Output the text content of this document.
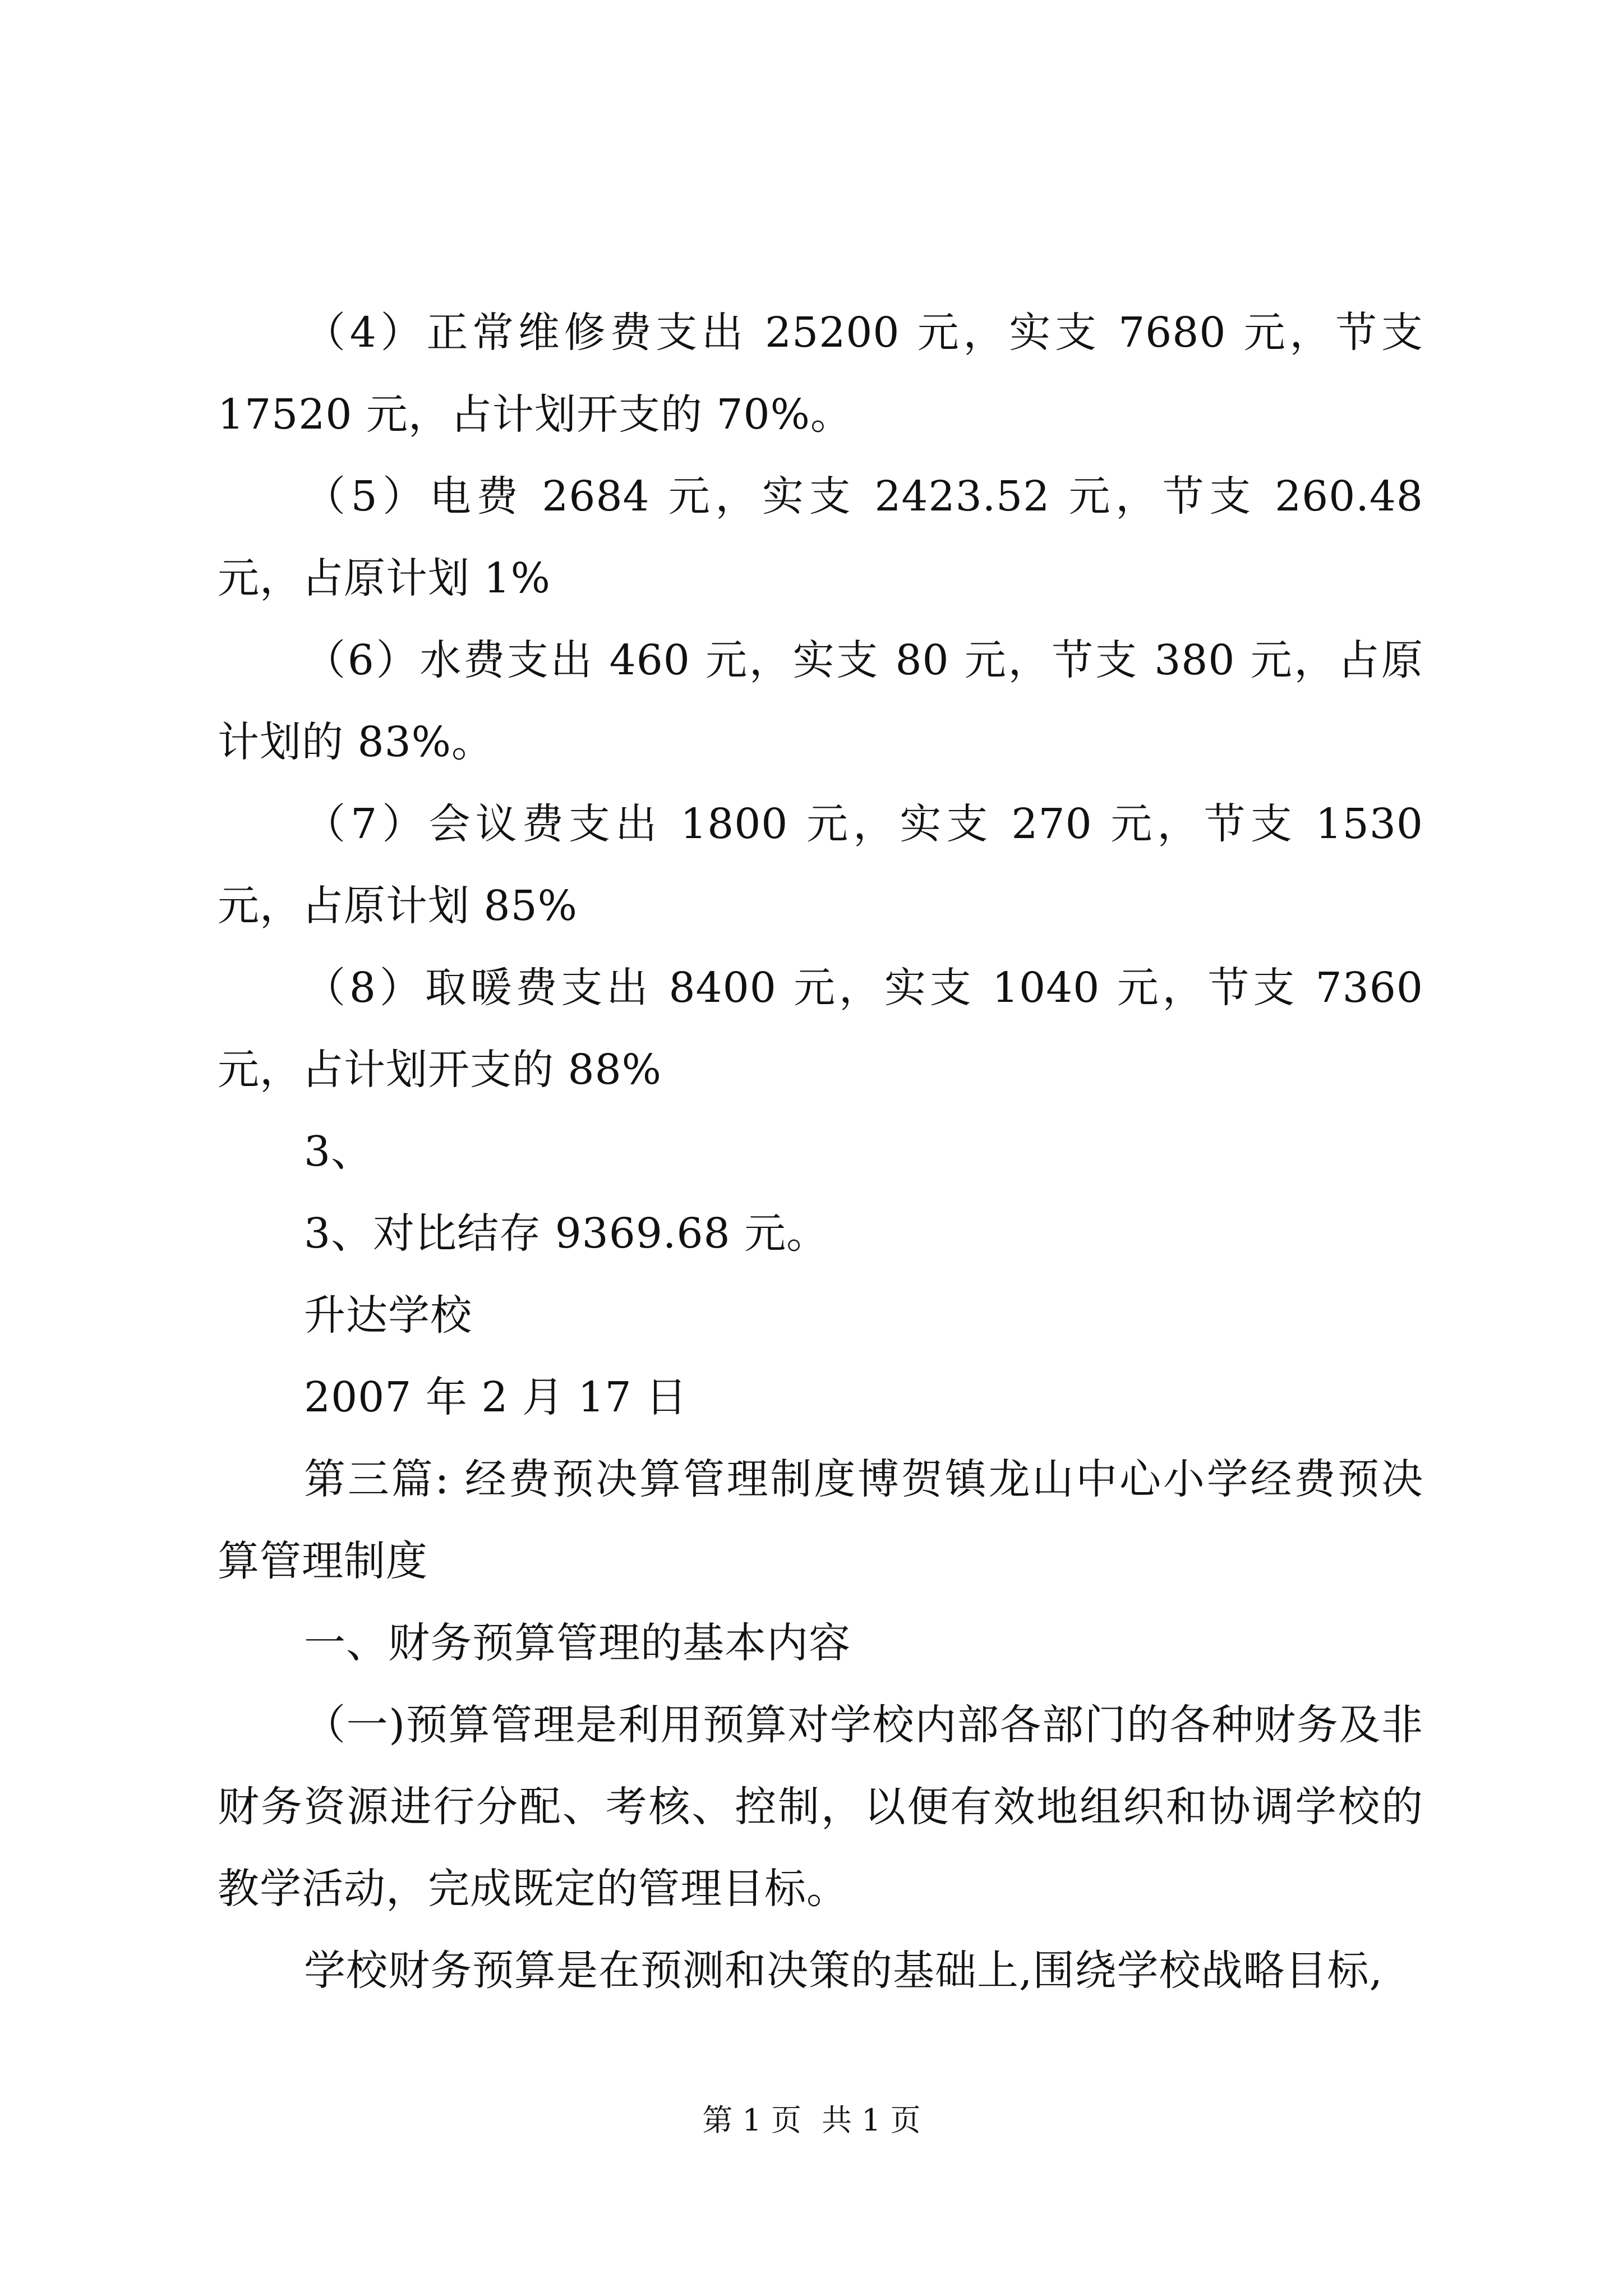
（4）正常维修费支出 25200 元，实支 7680 元，节支 17520 元，占计划开支的 70%。

（5）电费 2684 元，实支 2423.52 元，节支 260.48 元，占原计划 1%

（6）水费支出 460 元，实支 80 元，节支 380 元，占原计划的 83%。

（7）会议费支出 1800 元，实支 270 元，节支 1530 元，占原计划 85%

（8）取暖费支出 8400 元，实支 1040 元，节支 7360 元，占计划开支的 88%

3、

3、对比结存 9369.68 元。

升达学校

2007 年 2 月 17 日

第三篇: 经费预决算管理制度博贺镇龙山中心小学经费预决算管理制度

一、财务预算管理的基本内容

（一)预算管理是利用预算对学校内部各部门的各种财务及非财务资源进行分配、考核、控制，以便有效地组织和协调学校的教学活动，完成既定的管理目标。

学校财务预算是在预测和决策的基础上,围绕学校战略目标,

第 1 页 共 1 页
